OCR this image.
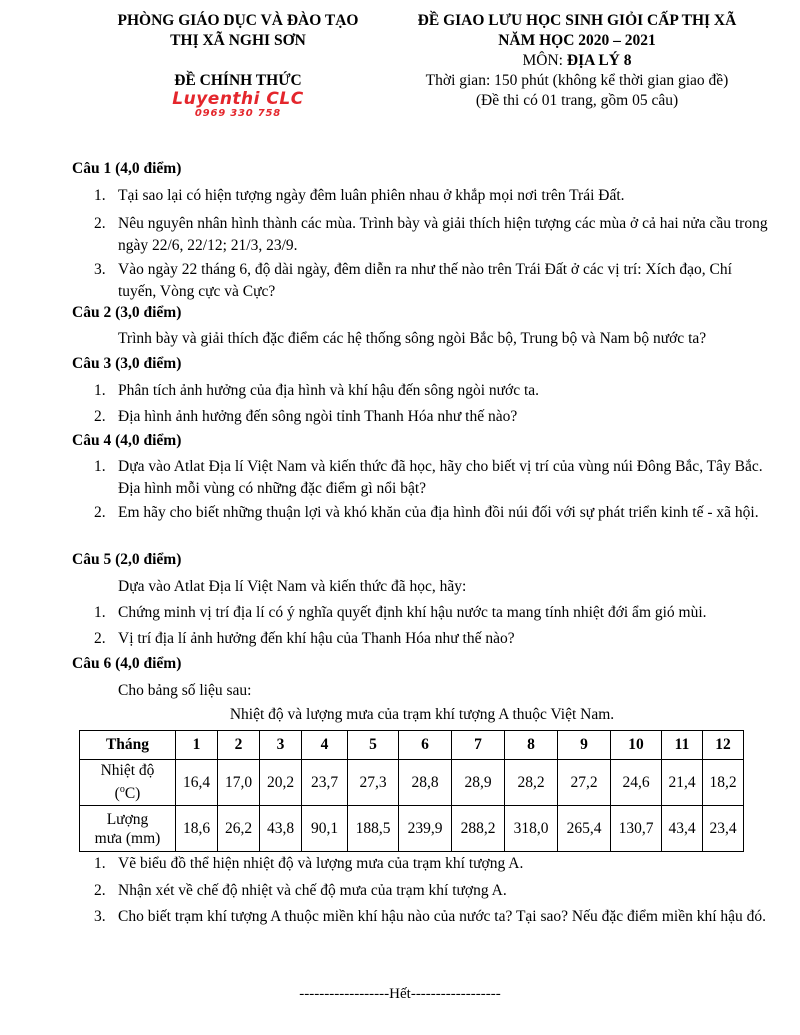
PHÒNG GIÁO DỤC VÀ ĐÀO TẠO
THỊ XÃ NGHI SƠN
ĐỀ CHÍNH THỨC
Luyenthi CLC
0969 330 758
ĐỀ GIAO LƯU HỌC SINH GIỎI CẤP THỊ XÃ
NĂM HỌC 2020 – 2021
MÔN: ĐỊA LÝ 8
Thời gian: 150 phút (không kể thời gian giao đề)
(Đề thi có 01 trang, gồm 05 câu)
Câu 1 (4,0 điểm)
1. Tại sao lại có hiện tượng ngày đêm luân phiên nhau ở khắp mọi nơi trên Trái Đất.
2. Nêu nguyên nhân hình thành các mùa. Trình bày và giải thích hiện tượng các mùa ở cả hai nửa cầu trong ngày 22/6, 22/12; 21/3, 23/9.
3. Vào ngày 22 tháng 6, độ dài ngày, đêm diễn ra như thế nào trên Trái Đất ở các vị trí: Xích đạo, Chí tuyến, Vòng cực và Cực?
Câu 2 (3,0 điểm)
Trình bày và giải thích đặc điểm các hệ thống sông ngòi Bắc bộ, Trung bộ và Nam bộ nước ta?
Câu 3 (3,0 điểm)
1. Phân tích ảnh hưởng của địa hình và khí hậu đến sông ngòi nước ta.
2. Địa hình ảnh hưởng đến sông ngòi tỉnh Thanh Hóa như thế nào?
Câu 4 (4,0 điểm)
1. Dựa vào Atlat Địa lí Việt Nam và kiến thức đã học, hãy cho biết vị trí của vùng núi Đông Bắc, Tây Bắc. Địa hình mỗi vùng có những đặc điểm gì nổi bật?
2. Em hãy cho biết những thuận lợi và khó khăn của địa hình đồi núi đối với sự phát triển kinh tế - xã hội.
Câu 5 (2,0 điểm)
Dựa vào Atlat Địa lí Việt Nam và kiến thức đã học, hãy:
1. Chứng minh vị trí địa lí có ý nghĩa quyết định khí hậu nước ta mang tính nhiệt đới ẩm gió mùi.
2. Vị trí địa lí ảnh hưởng đến khí hậu của Thanh Hóa như thế nào?
Câu 6 (4,0 điểm)
Cho bảng số liệu sau:
Nhiệt độ và lượng mưa của trạm khí tượng A thuộc Việt Nam.
Tháng	1	2	3	4	5	6	7	8	9	10	11	12
Nhiệt độ
($^o$C)	16,4	17,0	20,2	23,7	27,3	28,8	28,9	28,2	27,2	24,6	21,4	18,2
Lượng
mưa (mm)	18,6	26,2	43,8	90,1	188,5	239,9	288,2	318,0	265,4	130,7	43,4	23,4
1. Vẽ biểu đồ thể hiện nhiệt độ và lượng mưa của trạm khí tượng A.
2. Nhận xét về chế độ nhiệt và chế độ mưa của trạm khí tượng A.
3. Cho biết trạm khí tượng A thuộc miền khí hậu nào của nước ta? Tại sao? Nếu đặc điểm miền khí hậu đó.
------------------Hết------------------
